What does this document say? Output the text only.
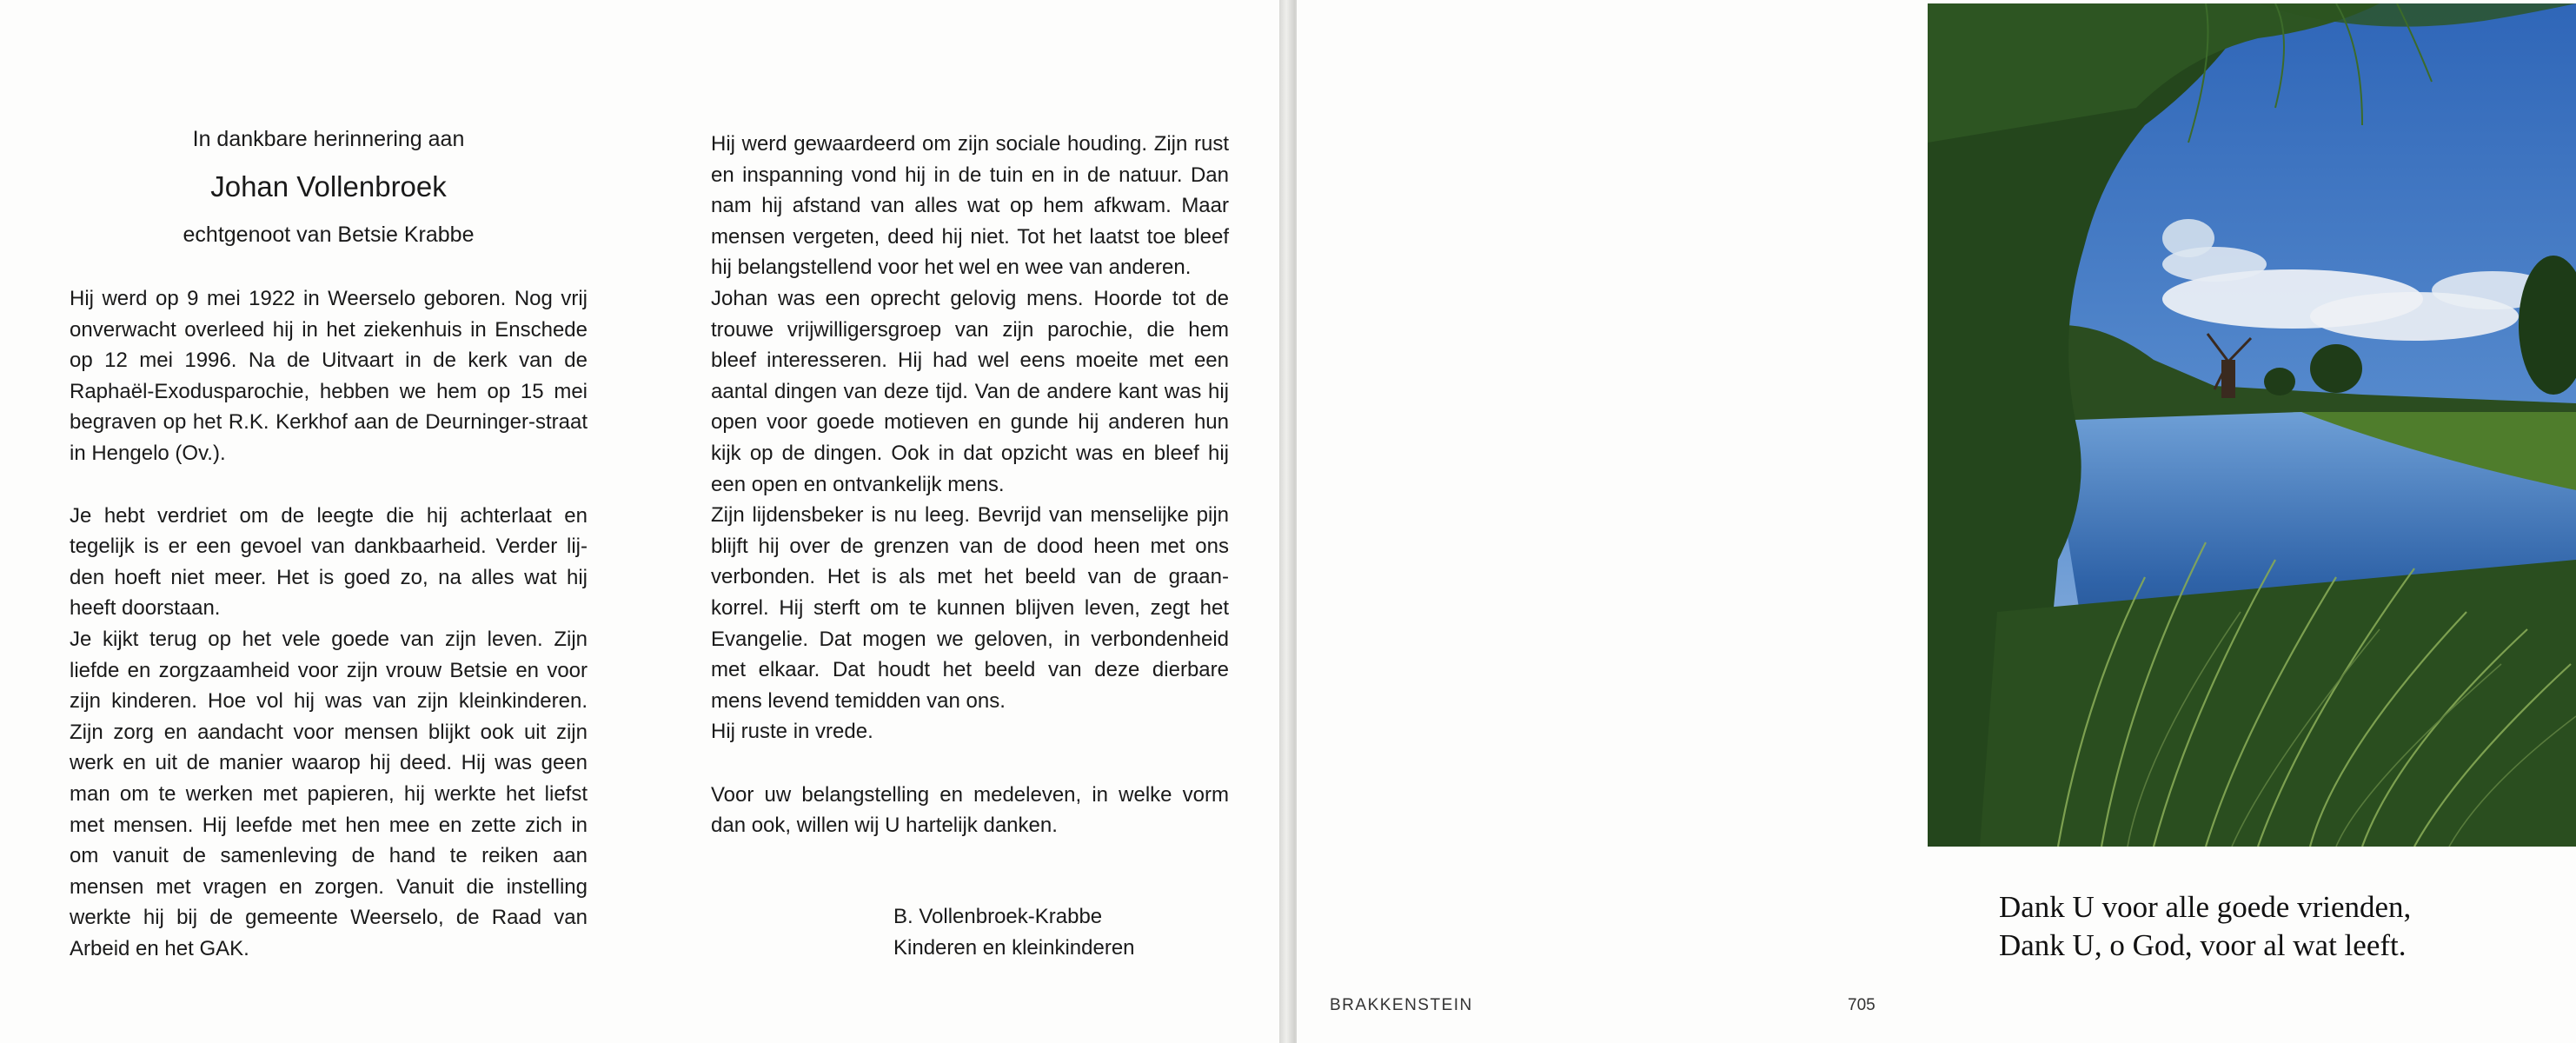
In dankbare herinnering aan
Johan Vollenbroek
echtgenoot van Betsie Krabbe

Hij werd op 9 mei 1922 in Weerselo geboren. Nog vrij onverwacht overleed hij in het ziekenhuis in Enschede op 12 mei 1996. Na de Uitvaart in de kerk van de Raphaël-Exodusparochie, hebben we hem op 15 mei begraven op het R.K. Kerkhof aan de Deurninger-straat in Hengelo (Ov.).

Je hebt verdriet om de leegte die hij achterlaat en tegelijk is er een gevoel van dankbaarheid. Verder lij-den hoeft niet meer. Het is goed zo, na alles wat hij heeft doorstaan.

Je kijkt terug op het vele goede van zijn leven. Zijn liefde en zorgzaamheid voor zijn vrouw Betsie en voor zijn kinderen. Hoe vol hij was van zijn kleinkinderen. Zijn zorg en aandacht voor mensen blijkt ook uit zijn werk en uit de manier waarop hij deed. Hij was geen man om te werken met papieren, hij werkte het liefst met mensen. Hij leefde met hen mee en zette zich in om vanuit de samenleving de hand te reiken aan mensen met vragen en zorgen. Vanuit die instelling werkte hij bij de gemeente Weerselo, de Raad van Arbeid en het GAK.

Hij werd gewaardeerd om zijn sociale houding. Zijn rust en inspanning vond hij in de tuin en in de natuur. Dan nam hij afstand van alles wat op hem afkwam. Maar mensen vergeten, deed hij niet. Tot het laatst toe bleef hij belangstellend voor het wel en wee van anderen.

Johan was een oprecht gelovig mens. Hoorde tot de trouwe vrijwilligersgroep van zijn parochie, die hem bleef interesseren. Hij had wel eens moeite met een aantal dingen van deze tijd. Van de andere kant was hij open voor goede motieven en gunde hij anderen hun kijk op de dingen. Ook in dat opzicht was en bleef hij een open en ontvankelijk mens.

Zijn lijdensbeker is nu leeg. Bevrijd van menselijke pijn blijft hij over de grenzen van de dood heen met ons verbonden. Het is als met het beeld van de graan-korrel. Hij sterft om te kunnen blijven leven, zegt het Evangelie. Dat mogen we geloven, in verbondenheid met elkaar. Dat houdt het beeld van deze dierbare mens levend temidden van ons.

Hij ruste in vrede.

Voor uw belangstelling en medeleven, in welke vorm dan ook, willen wij U hartelijk danken.

B. Vollenbroek-Krabbe
Kinderen en kleinkinderen
Dank U voor alle goede vrienden,
Dank U, o God, voor al wat leeft.
BRAKKENSTEIN	705
